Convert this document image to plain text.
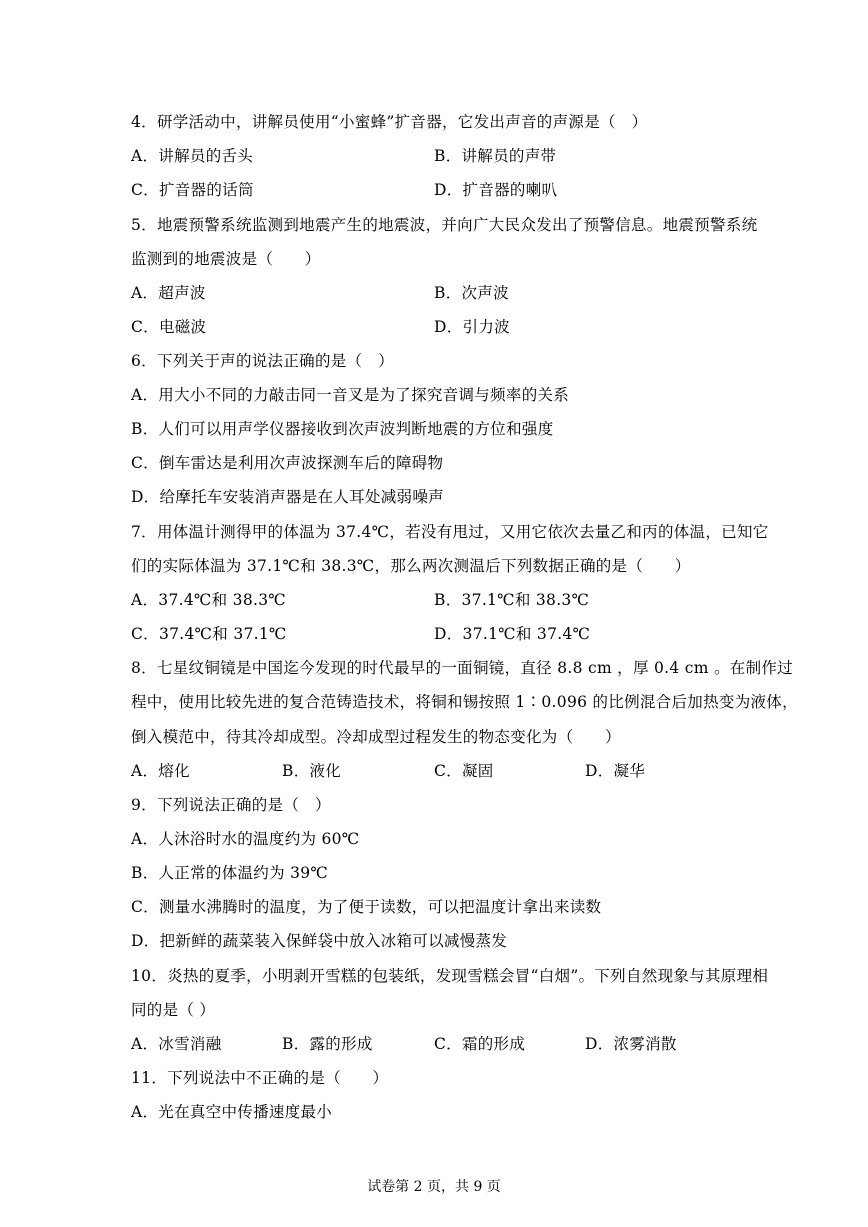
4．研学活动中，讲解员使用“小蜜蜂”扩音器，它发出声音的声源是（　）
A．讲解员的舌头	B．讲解员的声带
C．扩音器的话筒	D．扩音器的喇叭
5．地震预警系统监测到地震产生的地震波，并向广大民众发出了预警信息。地震预警系统
监测到的地震波是（　　）
A．超声波	B．次声波
C．电磁波	D．引力波
6．下列关于声的说法正确的是（　）
A．用大小不同的力敲击同一音叉是为了探究音调与频率的关系
B．人们可以用声学仪器接收到次声波判断地震的方位和强度
C．倒车雷达是利用次声波探测车后的障碍物
D．给摩托车安装消声器是在人耳处减弱噪声
7．用体温计测得甲的体温为 37.4℃，若没有甩过，又用它依次去量乙和丙的体温，已知它
们的实际体温为 37.1℃和 38.3℃，那么两次测温后下列数据正确的是（　　）
A．37.4℃和 38.3℃	B．37.1℃和 38.3℃
C．37.4℃和 37.1℃	D．37.1℃和 37.4℃
8．七星纹铜镜是中国迄今发现的时代最早的一面铜镜，直径 8.8 cm ，厚 0.4 cm 。在制作过
程中，使用比较先进的复合范铸造技术，将铜和锡按照 1∶0.096 的比例混合后加热变为液体，
倒入模范中，待其冷却成型。冷却成型过程发生的物态变化为（　　）
A．熔化	B．液化	C．凝固	D．凝华
9．下列说法正确的是（　）
A．人沐浴时水的温度约为 60℃
B．人正常的体温约为 39℃
C．测量水沸腾时的温度，为了便于读数，可以把温度计拿出来读数
D．把新鲜的蔬菜装入保鲜袋中放入冰箱可以减慢蒸发
10．炎热的夏季，小明剥开雪糕的包装纸，发现雪糕会冒“白烟”。下列自然现象与其原理相
同的是（ ）
A．冰雪消融	B．露的形成	C．霜的形成	D．浓雾消散
11．下列说法中不正确的是（　　）
A．光在真空中传播速度最小
试卷第 2 页，共 9 页
